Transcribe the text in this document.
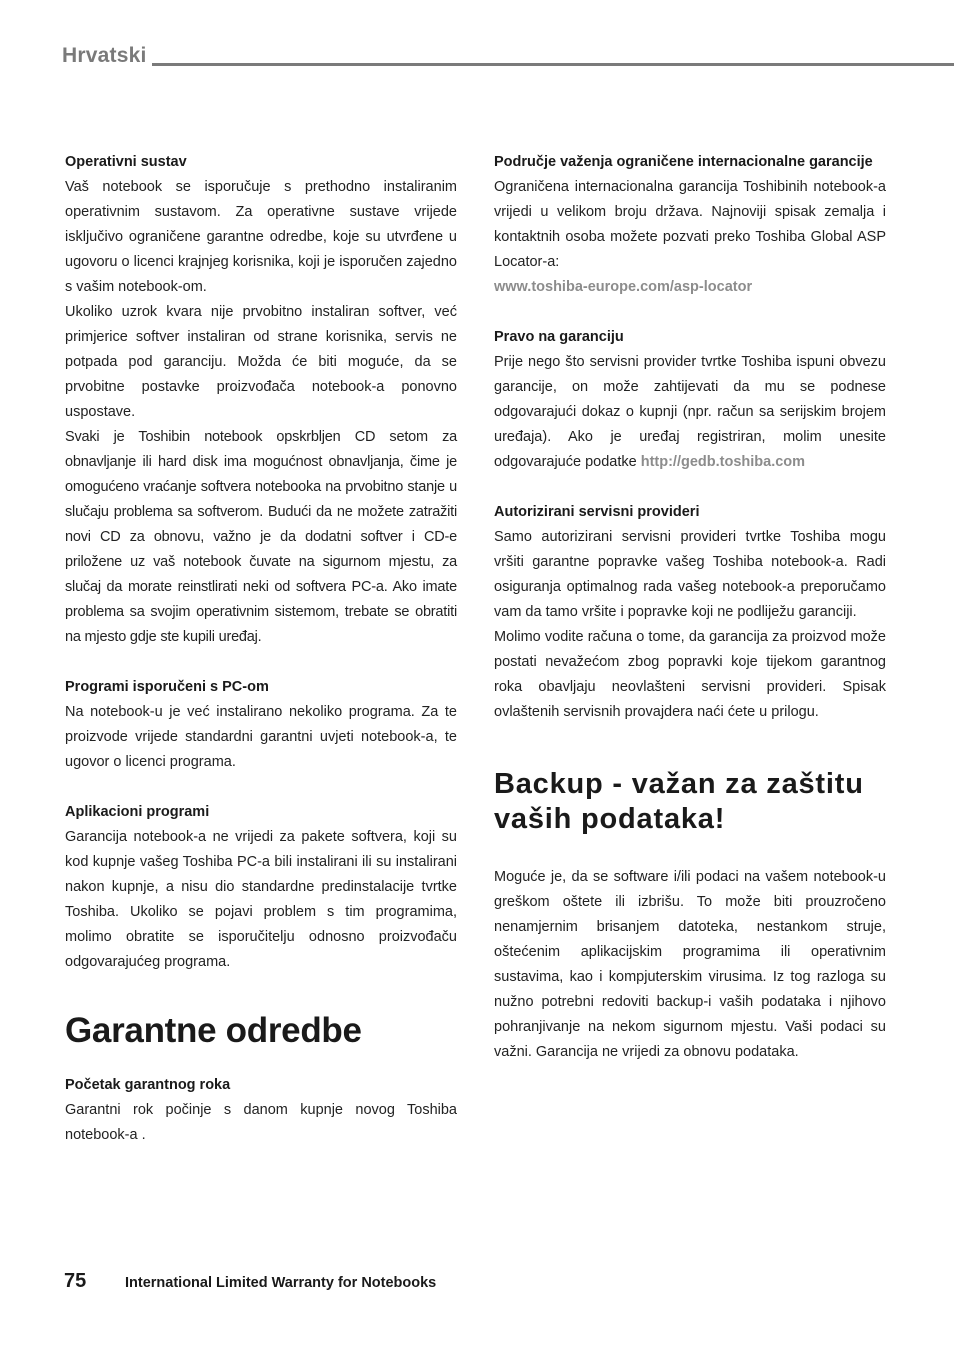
Hrvatski
Operativni sustav

Vaš notebook se isporučuje s prethodno instaliranim operativnim sustavom. Za operativne sustave vrijede isključivo ograničene garantne odredbe, koje su utvrđene u ugovoru o licenci krajnjeg korisnika, koji je isporučen zajedno s vašim notebook-om.

Ukoliko uzrok kvara nije prvobitno instaliran softver, već primjerice softver instaliran od strane korisnika, servis ne potpada pod garanciju. Možda će biti moguće, da se prvobitne postavke proizvođača notebook-a ponovno uspostave.

Svaki je Toshibin notebook opskrbljen CD setom za obnavljanje ili hard disk ima mogućnost obnavljanja, čime je omogućeno vraćanje softvera notebooka na prvobitno stanje u slučaju problema sa softverom. Budući da ne možete zatražiti novi CD za obnovu, važno je da dodatni softver i CD-e priložene uz vaš notebook čuvate na sigurnom mjestu, za slučaj da morate reinstlirati neki od softvera PC-a. Ako imate problema sa svojim operativnim sistemom, trebate se obratiti na mjesto gdje ste kupili uređaj.

Programi isporučeni s PC-om

Na notebook-u je već instalirano nekoliko programa. Za te proizvode vrijede standardni garantni uvjeti notebook-a, te ugovor o licenci programa.

Aplikacioni programi

Garancija notebook-a ne vrijedi za pakete softvera, koji su kod kupnje vašeg Toshiba PC-a bili instalirani ili su instalirani nakon kupnje, a nisu dio standardne predinstalacije tvrtke Toshiba. Ukoliko se pojavi problem s tim programima, molimo obratite se isporučitelju odnosno proizvođaču odgovarajućeg programa.

Garantne odredbe
Početak garantnog roka

Garantni rok počinje s danom kupnje novog Toshiba notebook-a .

Područje važenja ograničene internacionalne garancije

Ograničena internacionalna garancija Toshibinih notebook-a vrijedi u velikom broju država. Najnoviji spisak zemalja i kontaktnih osoba možete pozvati preko Toshiba Global ASP Locator-a:

www.toshiba-europe.com/asp-locator

Pravo na garanciju

Prije nego što servisni provider tvrtke Toshiba ispuni obvezu garancije, on može zahtijevati da mu se podnese odgovarajući dokaz o kupnji (npr. račun sa serijskim brojem uređaja). Ako je uređaj registriran, molim unesite odgovarajuće podatke http://gedb.toshiba.com

Autorizirani servisni provideri

Samo autorizirani servisni provideri tvrtke Toshiba mogu vršiti garantne popravke vašeg Toshiba notebook-a. Radi osiguranja optimalnog rada vašeg notebook-a preporučamo vam da tamo vršite i popravke koji ne podliježu garanciji.

Molimo vodite računa o tome, da garancija za proizvod može postati nevažećom zbog popravki koje tijekom garantnog roka obavljaju neovlašteni servisni provideri. Spisak ovlaštenih servisnih provajdera naći ćete u prilogu.

Backup - važan za zaštitu vaših podataka!

Moguće je, da se software i/ili podaci na vašem notebook-u greškom oštete ili izbrišu. To može biti prouzročeno nenamjernim brisanjem datoteka, nestankom struje, oštećenim aplikacijskim programima ili operativnim sustavima, kao i kompjuterskim virusima. Iz tog razloga su nužno potrebni redoviti backup-i vaših podataka i njihovo pohranjivanje na nekom sigurnom mjestu. Vaši podaci su važni. Garancija ne vrijedi za obnovu podataka.

75	International Limited Warranty for Notebooks
